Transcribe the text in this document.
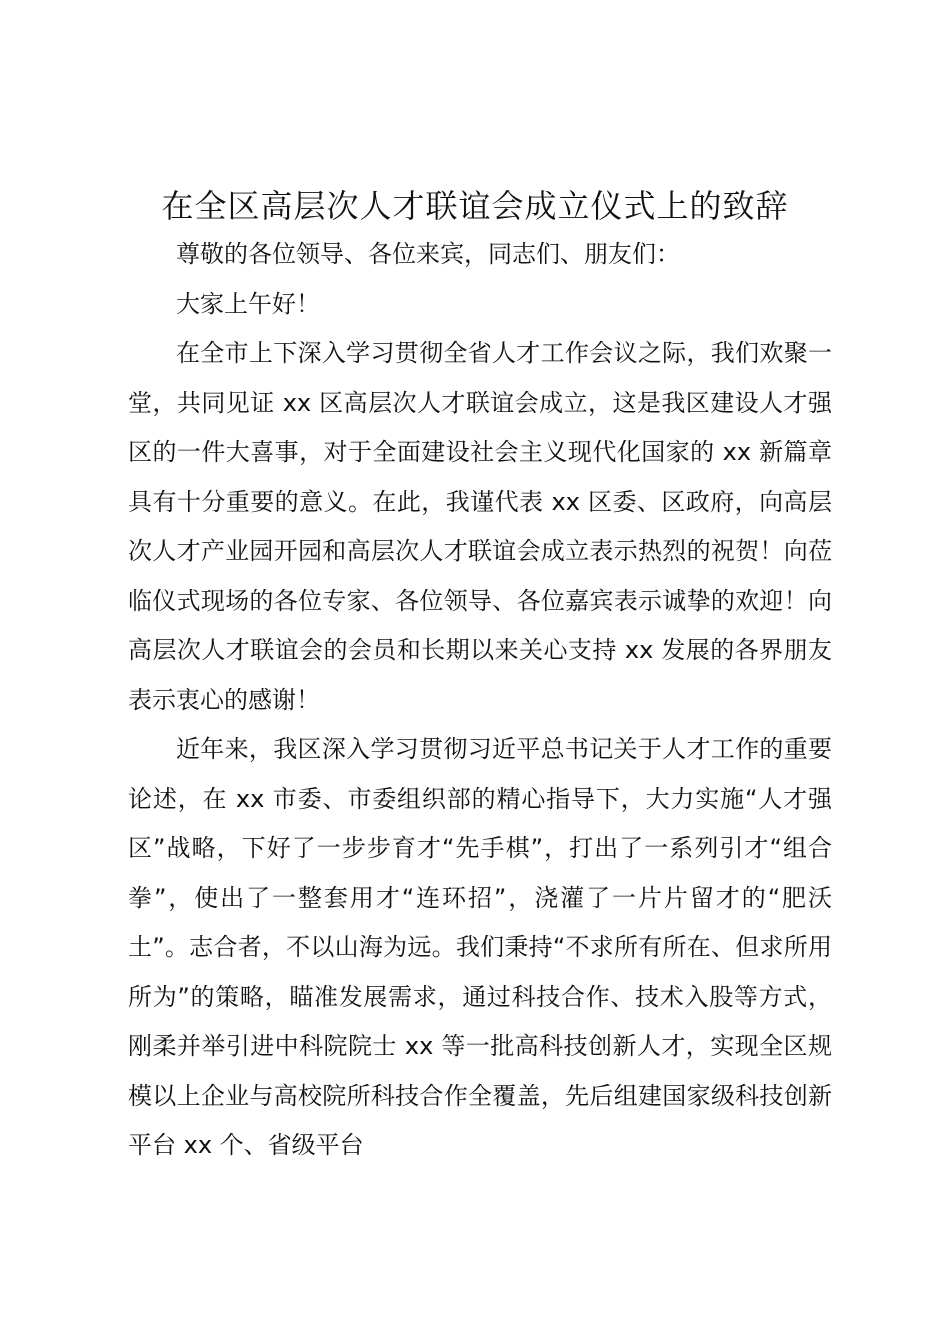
在全区高层次人才联谊会成立仪式上的致辞

尊敬的各位领导、各位来宾，同志们、朋友们：

大家上午好！

在全市上下深入学习贯彻全省人才工作会议之际，我们欢聚一堂，共同见证 xx 区高层次人才联谊会成立，这是我区建设人才强区的一件大喜事，对于全面建设社会主义现代化国家的 xx 新篇章具有十分重要的意义。在此，我谨代表 xx 区委、区政府，向高层次人才产业园开园和高层次人才联谊会成立表示热烈的祝贺！向莅临仪式现场的各位专家、各位领导、各位嘉宾表示诚挚的欢迎！向高层次人才联谊会的会员和长期以来关心支持 xx 发展的各界朋友表示衷心的感谢！

近年来，我区深入学习贯彻习近平总书记关于人才工作的重要论述，在 xx 市委、市委组织部的精心指导下，大力实施“人才强区”战略，下好了一步步育才“先手棋”，打出了一系列引才“组合拳”，使出了一整套用才“连环招”，浇灌了一片片留才的“肥沃土”。志合者，不以山海为远。我们秉持“不求所有所在、但求所用所为”的策略，瞄准发展需求，通过科技合作、技术入股等方式，刚柔并举引进中科院院士 xx 等一批高科技创新人才，实现全区规模以上企业与高校院所科技合作全覆盖，先后组建国家级科技创新平台 xx 个、省级平台
